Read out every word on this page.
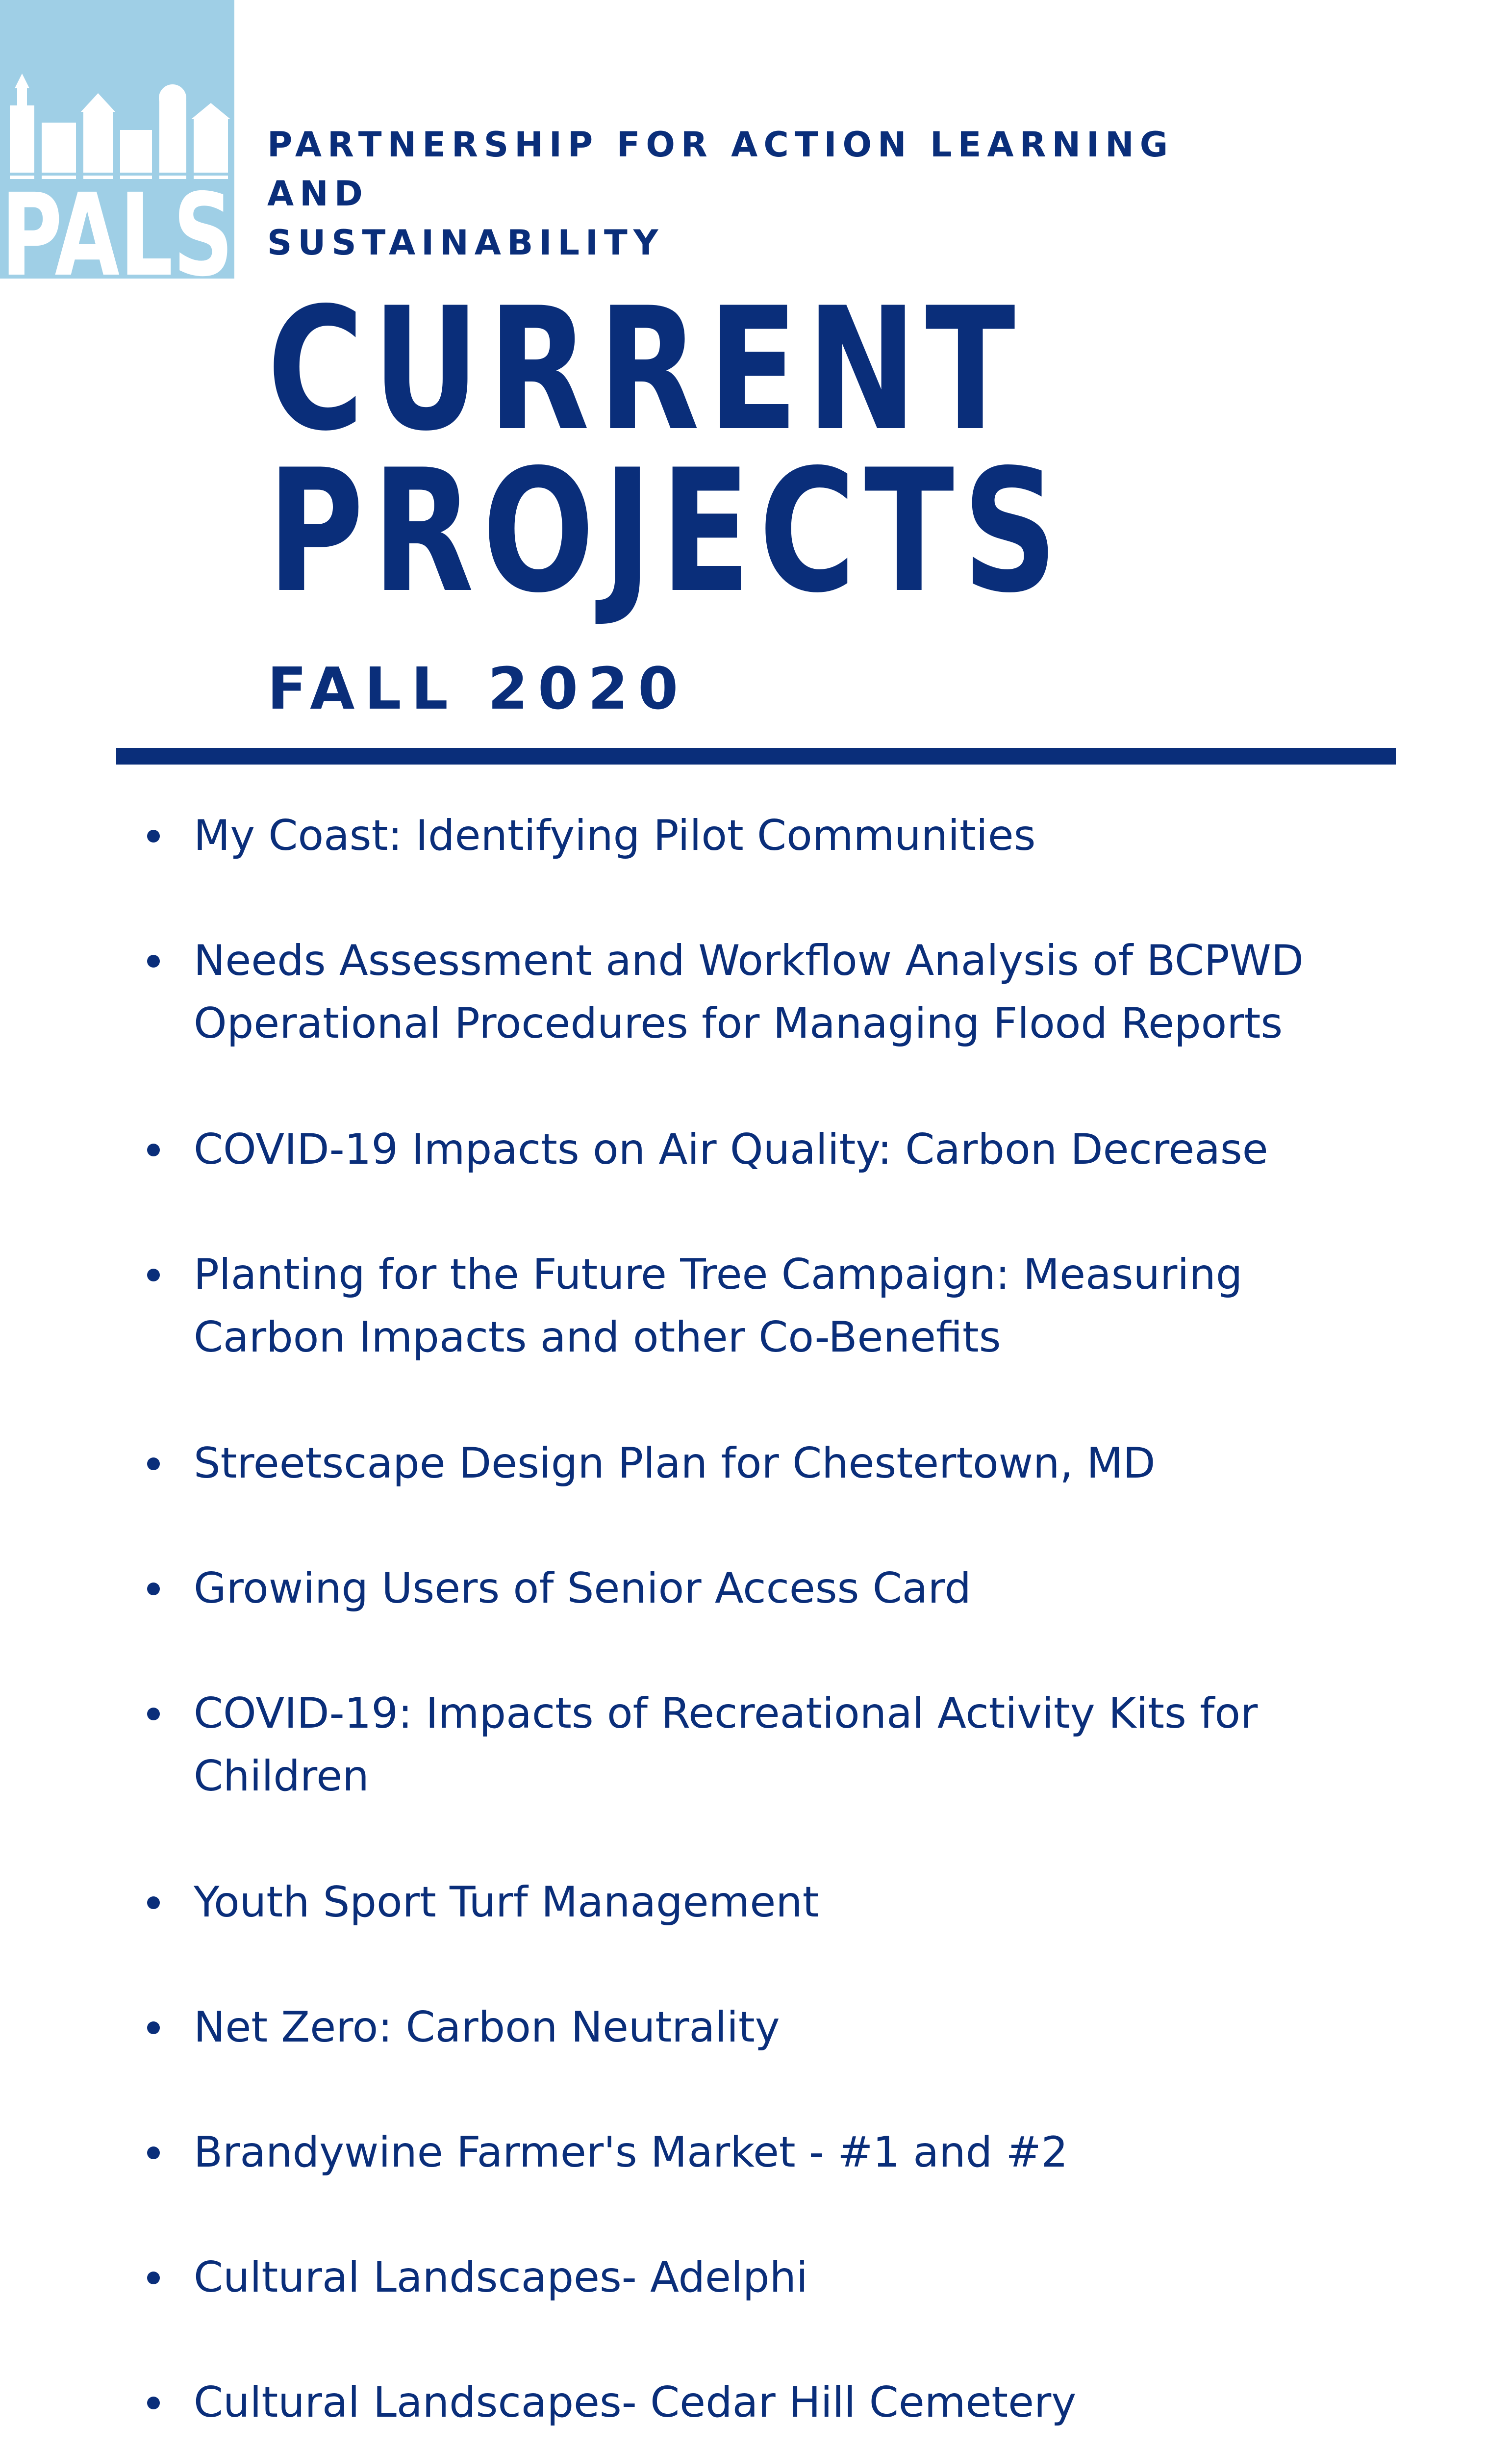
PALS

PARTNERSHIP FOR ACTION LEARNING AND
SUSTAINABILITY

CURRENT
PROJECTS
FALL 2020
My Coast: Identifying Pilot Communities
Needs Assessment and Workflow Analysis of BCPWD
Operational Procedures for Managing Flood Reports
COVID-19 Impacts on Air Quality: Carbon Decrease
Planting for the Future Tree Campaign: Measuring
Carbon Impacts and other Co-Benefits
Streetscape Design Plan for Chestertown, MD
Growing Users of Senior Access Card
COVID-19: Impacts of Recreational Activity Kits for
Children
Youth Sport Turf Management
Net Zero: Carbon Neutrality
Brandywine Farmer's Market - #1 and #2
Cultural Landscapes- Adelphi
Cultural Landscapes- Cedar Hill Cemetery
